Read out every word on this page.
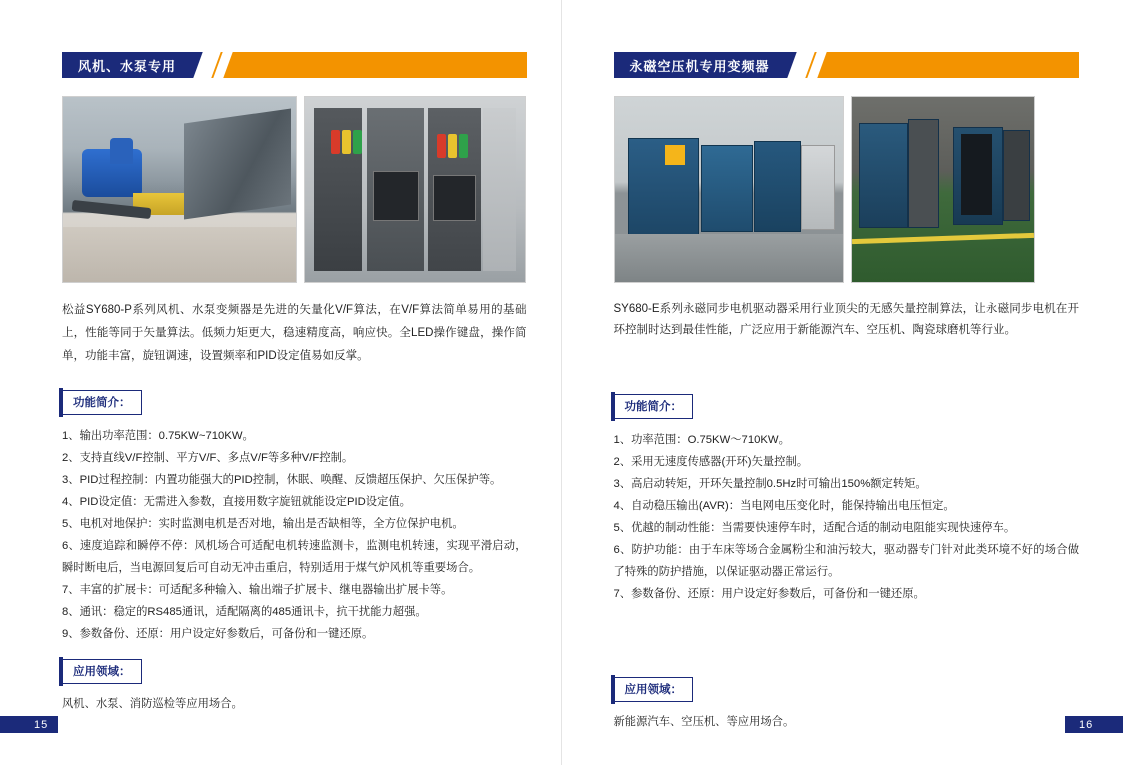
风机、水泵专用

松益SY680-P系列风机、水泵变频器是先进的矢量化V/F算法，在V/F算法简单易用的基础上，性能等同于矢量算法。低频力矩更大，稳速精度高，响应快。全LED操作键盘，操作简单，功能丰富，旋钮调速，设置频率和PID设定值易如反掌。

功能简介：
1、输出功率范围：0.75KW~710KW。
2、支持直线V/F控制、平方V/F、多点V/F等多种V/F控制。
3、PID过程控制：内置功能强大的PID控制，休眠、唤醒、反馈超压保护、欠压保护等。
4、PID设定值：无需进入参数，直接用数字旋钮就能设定PID设定值。
5、电机对地保护：实时监测电机是否对地，输出是否缺相等，全方位保护电机。
6、速度追踪和瞬停不停：风机场合可适配电机转速监测卡，监测电机转速，实现平滑启动，瞬时断电后，当电源回复后可自动无冲击重启，特别适用于煤气炉风机等重要场合。
7、丰富的扩展卡：可适配多种输入、输出端子扩展卡、继电器输出扩展卡等。
8、通讯：稳定的RS485通讯，适配隔离的485通讯卡，抗干扰能力超强。
9、参数备份、还原：用户设定好参数后，可备份和一键还原。
应用领域：

风机、水泵、消防巡检等应用场合。

15
永磁空压机专用变频器

SY680-E系列永磁同步电机驱动器采用行业顶尖的无感矢量控制算法，让永磁同步电机在开环控制时达到最佳性能，广泛应用于新能源汽车、空压机、陶瓷球磨机等行业。

功能简介：
1、功率范围：O.75KW～710KW。
2、采用无速度传感器(开环)矢量控制。
3、高启动转矩，开环矢量控制0.5Hz时可输出150%额定转矩。
4、自动稳压输出(AVR)：当电网电压变化时，能保持输出电压恒定。
5、优越的制动性能：当需要快速停车时，适配合适的制动电阻能实现快速停车。
6、防护功能：由于车床等场合金属粉尘和油污较大，驱动器专门针对此类环境不好的场合做了特殊的防护措施，以保证驱动器正常运行。
7、参数备份、还原：用户设定好参数后，可备份和一键还原。
应用领域：

新能源汽车、空压机、等应用场合。	16
